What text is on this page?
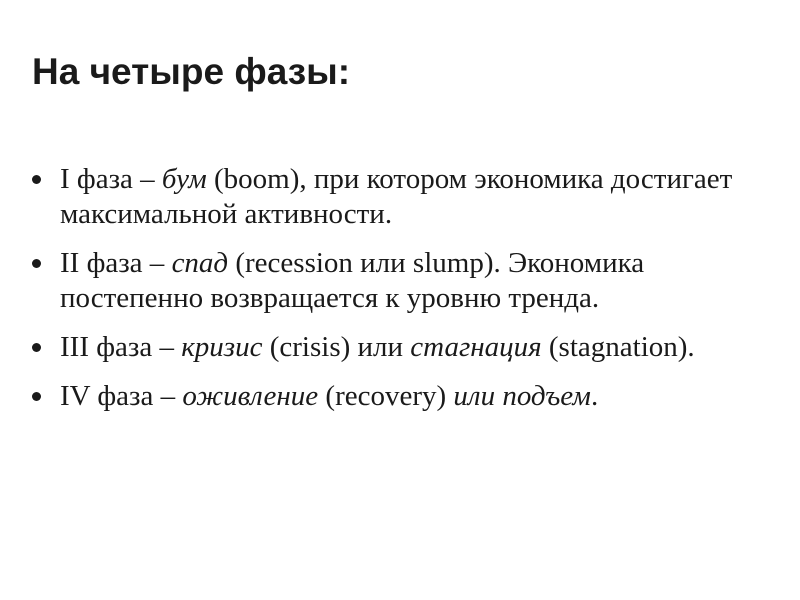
На четыре фазы:
I фаза – бум (boom), при котором экономика достигает максимальной активности.
II фаза – спад (recession или slump). Экономика постепенно возвращается к уровню тренда.
III фаза – кризис (crisis) или стагнация (stagnation).
IV фаза – оживление (recovery) или подъем.
